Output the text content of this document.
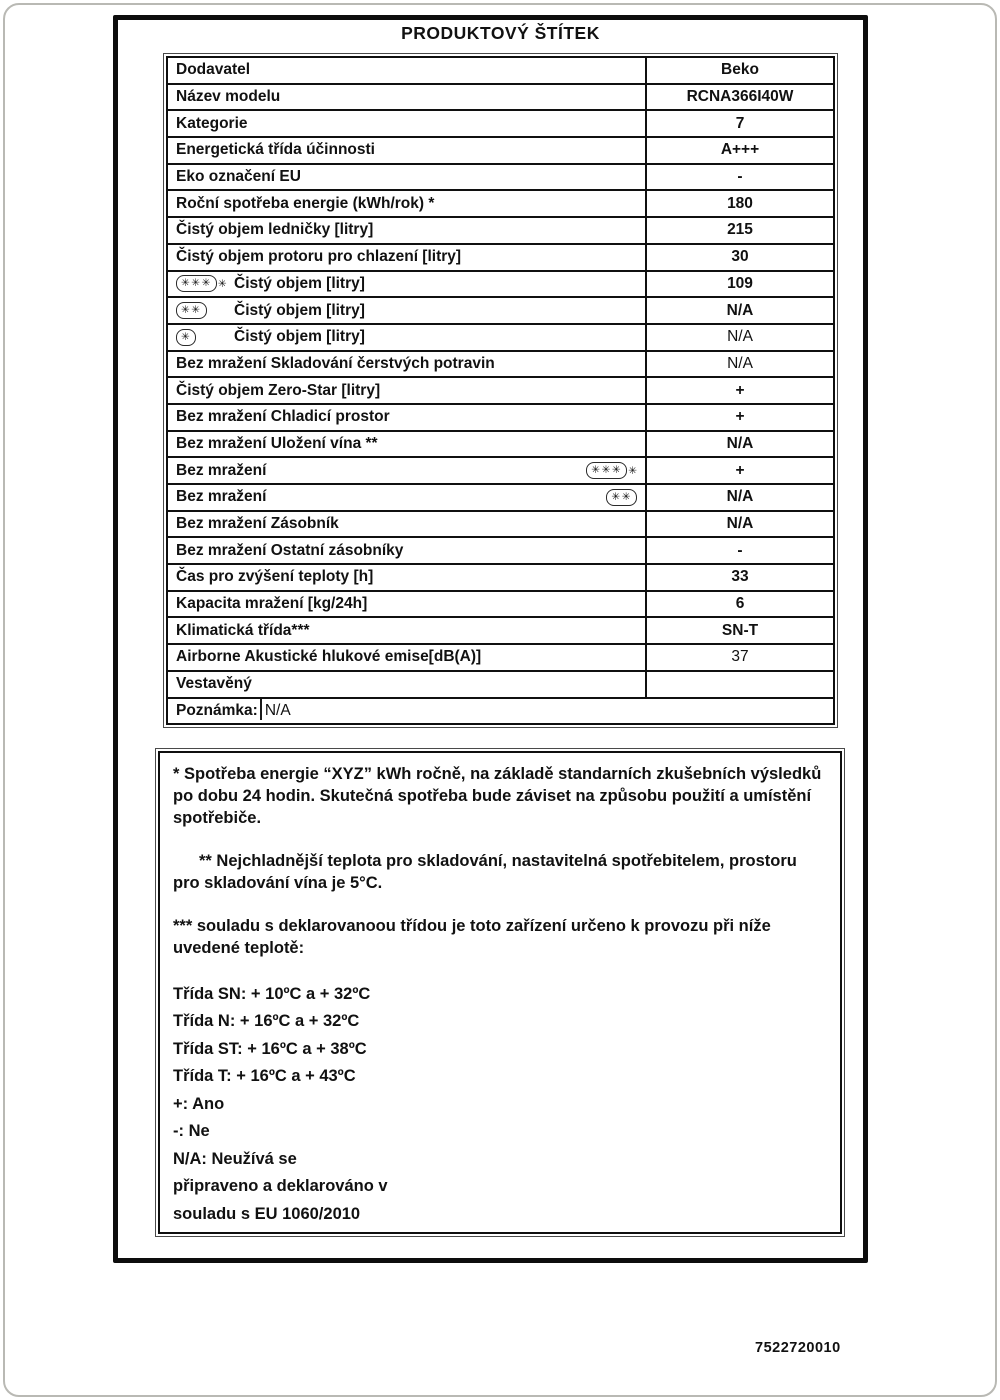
PRODUKTOVÝ ŠTÍTEK
Dodavatel	Beko
Název modelu	RCNA366I40W
Kategorie	7
Energetická třída účinnosti	A+++
Eko označení EU	-
Roční spotřeba energie (kWh/rok) *	180
Čistý objem ledničky [litry]	215
Čistý objem protoru pro chlazení [litry]	30
✳✳✳ ✳ Čistý objem [litry]	109
✳✳	Čistý objem [litry]	N/A
✳	Čistý objem [litry]	N/A
Bez mražení Skladování čerstvých potravin	N/A
Čistý objem Zero-Star [litry]	+
Bez mražení Chladicí prostor	+
Bez mražení Uložení vína **	N/A
Bez mražení	✳✳✳ ✳	+
Bez mražení	✳✳	N/A
Bez mražení Zásobník	N/A
Bez mražení Ostatní zásobníky	-
Čas pro zvýšení teploty [h]	33
Kapacita mražení [kg/24h]	6
Klimatická třída***	SN-T
Airborne Akustické hlukové emise[dB(A)]	37
Vestavěný
Poznámka: N/A

* Spotřeba energie “XYZ” kWh ročně, na základě standarních zkušebních výsledků po dobu 24 hodin. Skutečná spotřeba bude záviset na způsobu použití a umístění spotřebiče.

** Nejchladnější teplota pro skladování, nastavitelná spotřebitelem, prostoru pro skladování vína je 5°C.

*** souladu s deklarovanoou třídou je toto zařízení určeno k provozu při níže uvedené teplotě:

Třída SN: + 10ºC a + 32ºC
Třída N: + 16ºC a + 32ºC
Třída ST: + 16ºC a + 38ºC
Třída T: + 16ºC a + 43ºC
+: Ano
-: Ne
N/A: Neužívá se
připraveno a deklarováno v
souladu s EU 1060/2010
7522720010
